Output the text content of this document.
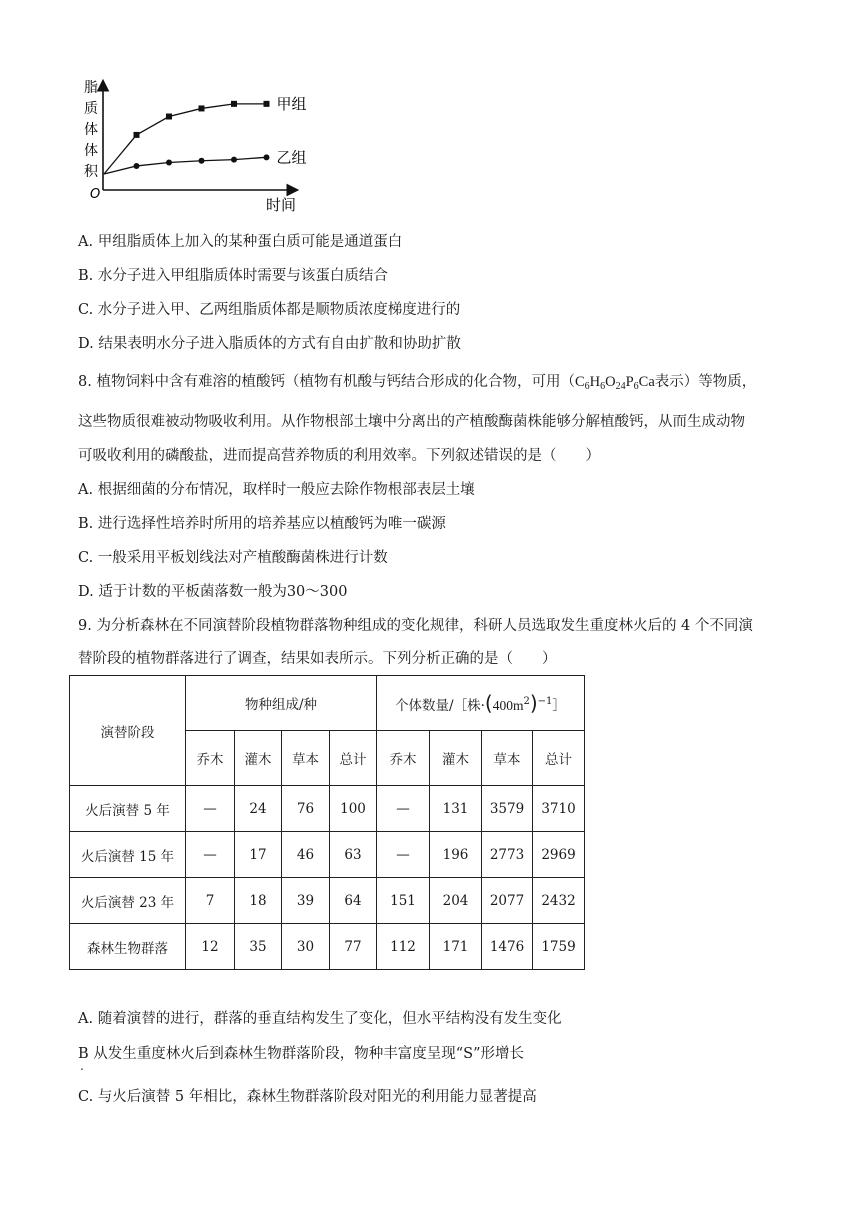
脂
质
体
体
积
O
时间
甲组
乙组
A. 甲组脂质体上加入的某种蛋白质可能是通道蛋白
B. 水分子进入甲组脂质体时需要与该蛋白质结合
C. 水分子进入甲、乙两组脂质体都是顺物质浓度梯度进行的
D. 结果表明水分子进入脂质体的方式有自由扩散和协助扩散
8. 植物饲料中含有难溶的植酸钙（植物有机酸与钙结合形成的化合物，可用（$C_6H_6O_{24}P_6Ca$表示）等物质，
这些物质很难被动物吸收利用。从作物根部土壤中分离出的产植酸酶菌株能够分解植酸钙，从而生成动物
可吸收利用的磷酸盐，进而提高营养物质的利用效率。下列叙述错误的是（　　）
A. 根据细菌的分布情况，取样时一般应去除作物根部表层土壤
B. 进行选择性培养时所用的培养基应以植酸钙为唯一碳源
C. 一般采用平板划线法对产植酸酶菌株进行计数
D. 适于计数的平板菌落数一般为30～300
9. 为分析森林在不同演替阶段植物群落物种组成的变化规律，科研人员选取发生重度林火后的 4 个不同演
替阶段的植物群落进行了调查，结果如表所示。下列分析正确的是（　　）
演替阶段	物种组成/种				个体数量/［株$\cdot(400m^2)^{-1}]$			
	乔木	灌木	草本	总计	乔木	灌木	草本	总计
火后演替 5 年	—	24	76	100	—	131	3579	3710
火后演替 15 年	—	17	46	63	—	196	2773	2969
火后演替 23 年	7	18	39	64	151	204	2077	2432
森林生物群落	12	35	30	77	112	171	1476	1759
A. 随着演替的进行，群落的垂直结构发生了变化，但水平结构没有发生变化
B 从发生重度林火后到森林生物群落阶段，物种丰富度呈现“S”形增长
.
C. 与火后演替 5 年相比，森林生物群落阶段对阳光的利用能力显著提高
